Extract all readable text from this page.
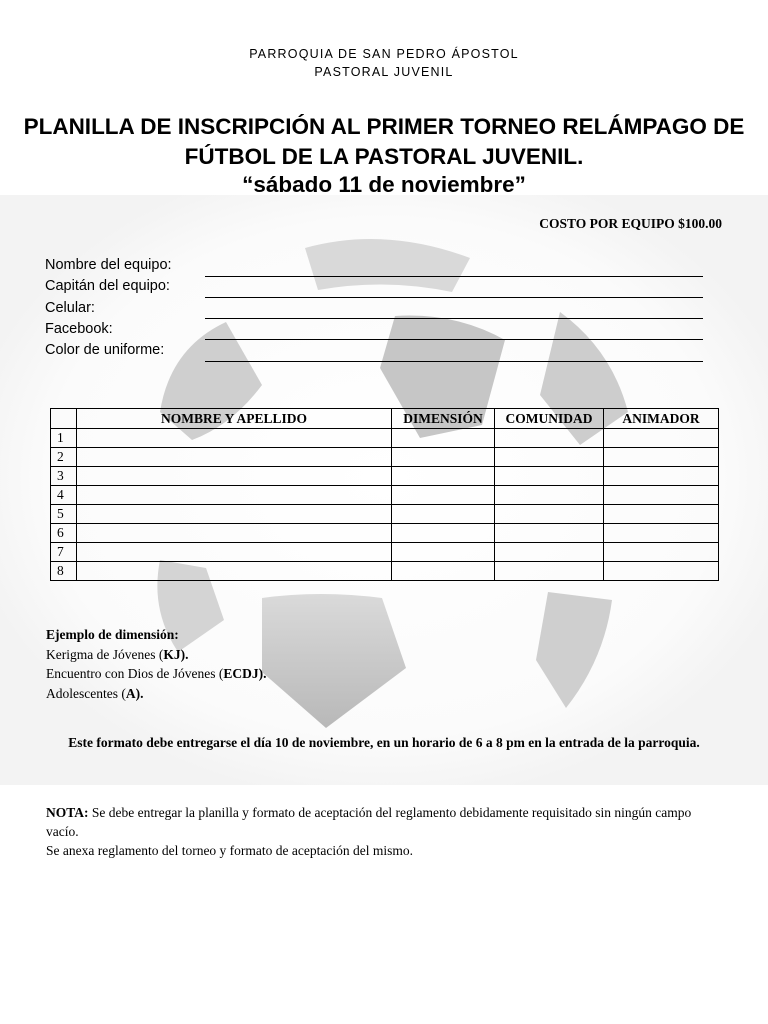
PARROQUIA DE SAN PEDRO ÁPOSTOL
PASTORAL JUVENIL
PLANILLA DE INSCRIPCIÓN AL PRIMER TORNEO RELÁMPAGO DE
FÚTBOL DE LA PASTORAL JUVENIL.
“sábado 11 de noviembre”
COSTO POR EQUIPO $100.00
Nombre del equipo:
Capitán del equipo:
Celular:
Facebook:
Color de uniforme:
	NOMBRE Y APELLIDO	DIMENSIÓN	COMUNIDAD	ANIMADOR
1				
2				
3				
4				
5				
6				
7				
8				
Ejemplo de dimensión:
Kerigma de Jóvenes (KJ).
Encuentro con Dios de Jóvenes (ECDJ).
Adolescentes (A).
Este formato debe entregarse el día 10 de noviembre, en un horario de 6 a 8 pm en la entrada de la parroquia.
NOTA: Se debe entregar la planilla y formato de aceptación del reglamento debidamente requisitado sin ningún campo vacío.
Se anexa reglamento del torneo y formato de aceptación del mismo.
